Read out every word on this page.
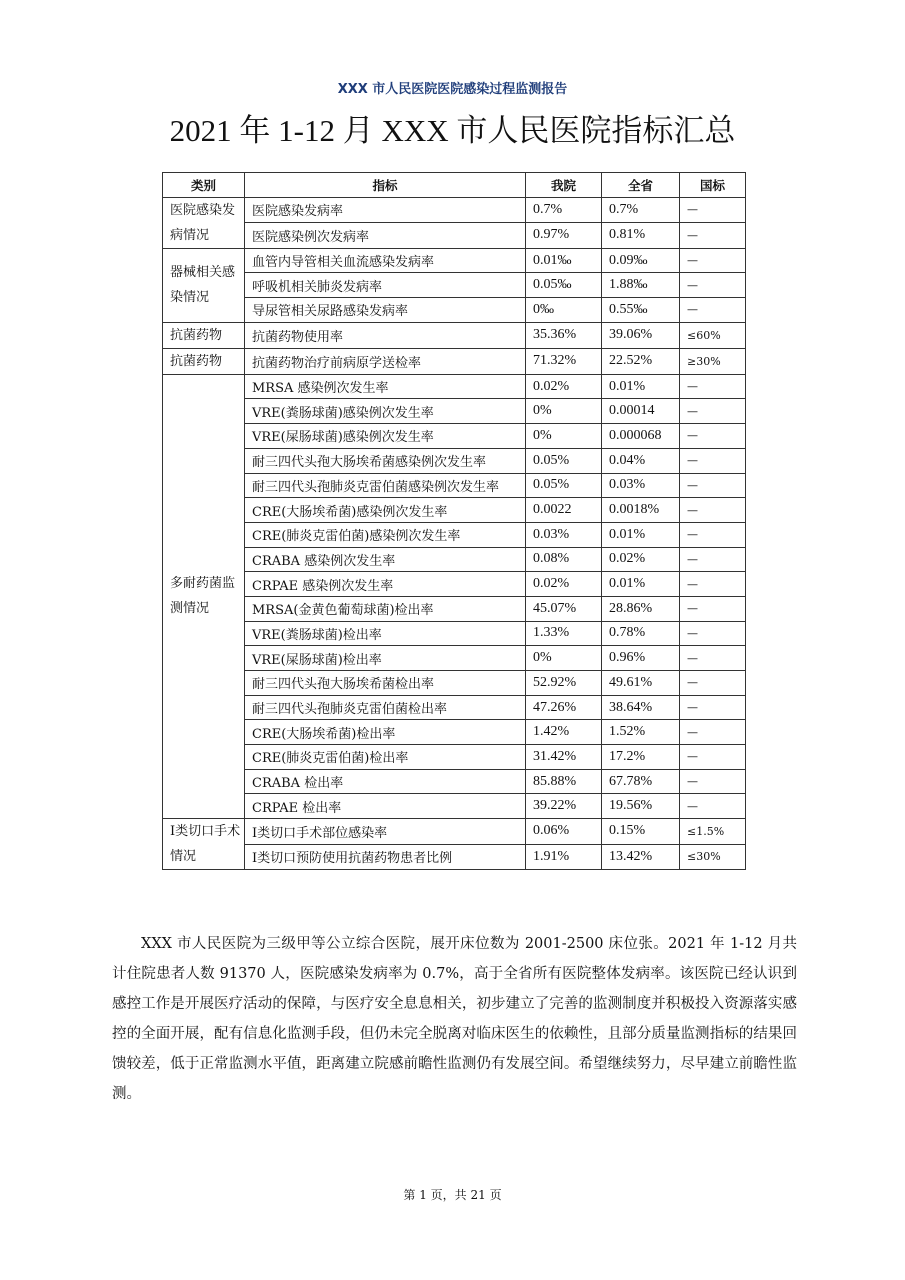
XXX 市人民医院医院感染过程监测报告
2021 年 1-12 月 XXX 市人民医院指标汇总
类别	指标	我院	全省	国标
医院感染发病情况	医院感染发病率	0.7%	0.7%	—
	医院感染例次发病率	0.97%	0.81%	—
器械相关感染情况	血管内导管相关血流感染发病率	0.01‰	0.09‰	—
	呼吸机相关肺炎发病率	0.05‰	1.88‰	—
	导尿管相关尿路感染发病率	0‰	0.55‰	—
抗菌药物	抗菌药物使用率	35.36%	39.06%	≤60%
抗菌药物	抗菌药物治疗前病原学送检率	71.32%	22.52%	≥30%
多耐药菌监测情况	MRSA 感染例次发生率	0.02%	0.01%	—
	VRE(粪肠球菌)感染例次发生率	0%	0.00014	—
	VRE(屎肠球菌)感染例次发生率	0%	0.000068	—
	耐三四代头孢大肠埃希菌感染例次发生率	0.05%	0.04%	—
	耐三四代头孢肺炎克雷伯菌感染例次发生率	0.05%	0.03%	—
	CRE(大肠埃希菌)感染例次发生率	0.0022	0.0018%	—
	CRE(肺炎克雷伯菌)感染例次发生率	0.03%	0.01%	—
	CRABA 感染例次发生率	0.08%	0.02%	—
	CRPAE 感染例次发生率	0.02%	0.01%	—
	MRSA(金黄色葡萄球菌)检出率	45.07%	28.86%	—
	VRE(粪肠球菌)检出率	1.33%	0.78%	—
	VRE(屎肠球菌)检出率	0%	0.96%	—
	耐三四代头孢大肠埃希菌检出率	52.92%	49.61%	—
	耐三四代头孢肺炎克雷伯菌检出率	47.26%	38.64%	—
	CRE(大肠埃希菌)检出率	1.42%	1.52%	—
	CRE(肺炎克雷伯菌)检出率	31.42%	17.2%	—
	CRABA 检出率	85.88%	67.78%	—
	CRPAE 检出率	39.22%	19.56%	—
I类切口手术情况	I类切口手术部位感染率	0.06%	0.15%	≤1.5%
	I类切口预防使用抗菌药物患者比例	1.91%	13.42%	≤30%
XXX 市人民医院为三级甲等公立综合医院，展开床位数为 2001-2500 床位张。2021 年 1-12 月共计住院患者人数 91370 人，医院感染发病率为 0.7%，高于全省所有医院整体发病率。该医院已经认识到感控工作是开展医疗活动的保障，与医疗安全息息相关，初步建立了完善的监测制度并积极投入资源落实感控的全面开展，配有信息化监测手段，但仍未完全脱离对临床医生的依赖性，且部分质量监测指标的结果回馈较差，低于正常监测水平值，距离建立院感前瞻性监测仍有发展空间。希望继续努力，尽早建立前瞻性监测。
第 1 页，共 21 页
